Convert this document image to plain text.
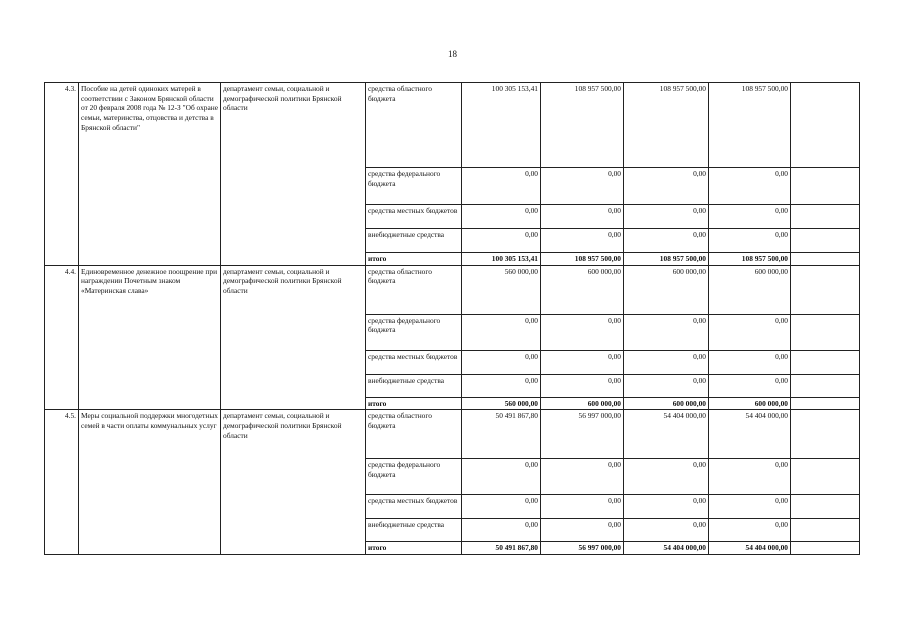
18
4.3.	Пособие на детей одиноких матерей в соответствии с Законом Брянской области от 20 февраля 2008 года № 12-З "Об охране семьи, материнства, отцовства и детства в Брянской области"	департамент семьи, социальной и демографической политики Брянской области	средства областного бюджета	100 305 153,41	108 957 500,00	108 957 500,00	108 957 500,00	
			средства федерального бюджета	0,00	0,00	0,00	0,00	
			средства местных бюджетов	0,00	0,00	0,00	0,00	
			внебюджетные средства	0,00	0,00	0,00	0,00	
			итого	100 305 153,41	108 957 500,00	108 957 500,00	108 957 500,00	
4.4.	Единовременное денежное поощрение при награждении Почетным знаком «Материнская слава»	департамент семьи, социальной и демографической политики Брянской области	средства областного бюджета	560 000,00	600 000,00	600 000,00	600 000,00	
			средства федерального бюджета	0,00	0,00	0,00	0,00	
			средства местных бюджетов	0,00	0,00	0,00	0,00	
			внебюджетные средства	0,00	0,00	0,00	0,00	
			итого	560 000,00	600 000,00	600 000,00	600 000,00	
4.5.	Меры социальной поддержки многодетных семей в части оплаты коммунальных услуг	департамент семьи, социальной и демографической политики Брянской области	средства областного бюджета	50 491 867,80	56 997 000,00	54 404 000,00	54 404 000,00	
			средства федерального бюджета	0,00	0,00	0,00	0,00	
			средства местных бюджетов	0,00	0,00	0,00	0,00	
			внебюджетные средства	0,00	0,00	0,00	0,00	
			итого	50 491 867,80	56 997 000,00	54 404 000,00	54 404 000,00	
